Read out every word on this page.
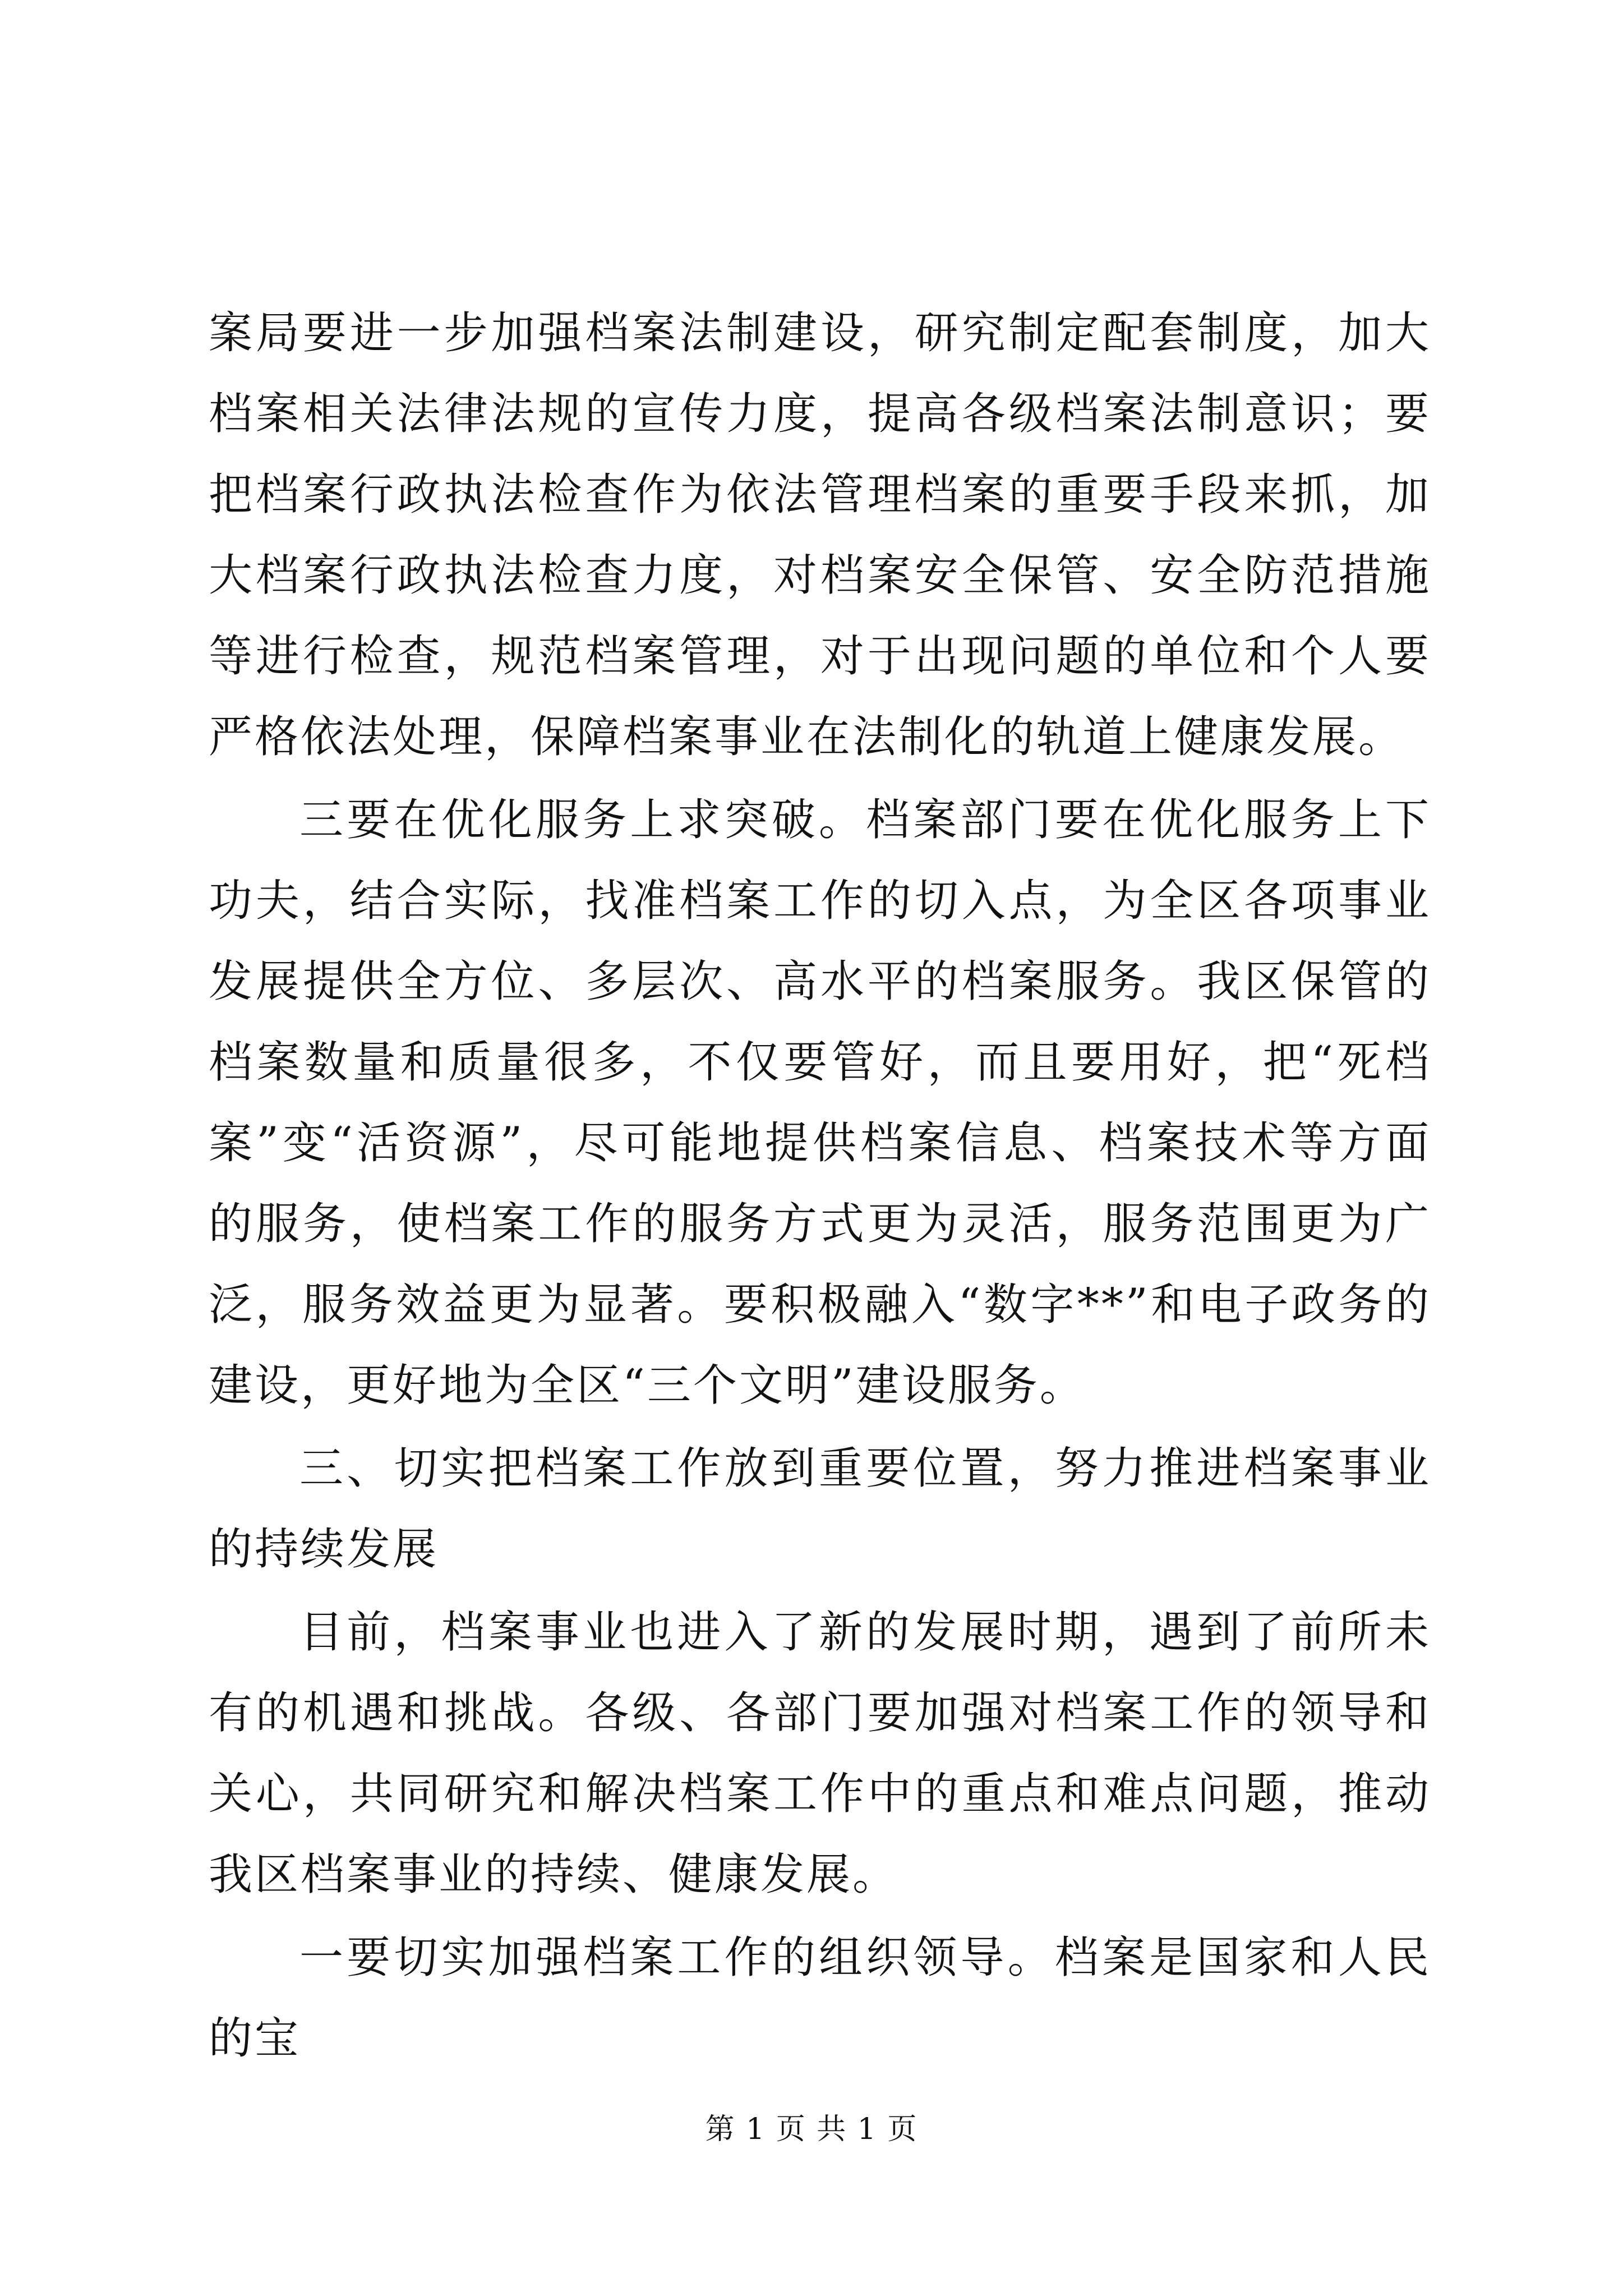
案局要进一步加强档案法制建设，研究制定配套制度，加大档案相关法律法规的宣传力度，提高各级档案法制意识；要把档案行政执法检查作为依法管理档案的重要手段来抓，加大档案行政执法检查力度，对档案安全保管、安全防范措施等进行检查，规范档案管理，对于出现问题的单位和个人要严格依法处理，保障档案事业在法制化的轨道上健康发展。

三要在优化服务上求突破。档案部门要在优化服务上下功夫，结合实际，找准档案工作的切入点，为全区各项事业发展提供全方位、多层次、高水平的档案服务。我区保管的档案数量和质量很多，不仅要管好，而且要用好，把“死档案”变“活资源”，尽可能地提供档案信息、档案技术等方面的服务，使档案工作的服务方式更为灵活，服务范围更为广泛，服务效益更为显著。要积极融入“数字**”和电子政务的建设，更好地为全区“三个文明”建设服务。

三、切实把档案工作放到重要位置，努力推进档案事业的持续发展

目前，档案事业也进入了新的发展时期，遇到了前所未有的机遇和挑战。各级、各部门要加强对档案工作的领导和关心，共同研究和解决档案工作中的重点和难点问题，推动我区档案事业的持续、健康发展。

一要切实加强档案工作的组织领导。档案是国家和人民的宝

第 1 页 共 1 页
